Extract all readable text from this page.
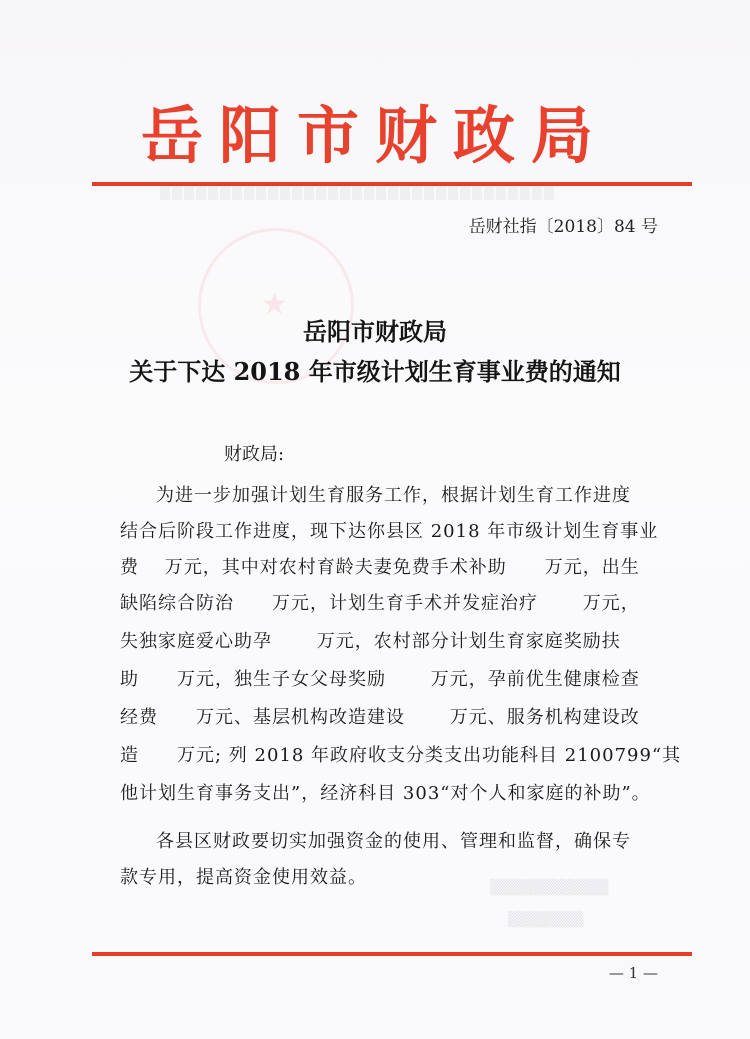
▒▒▒▒▒▒▒▒▒▒▒▒▒▒▒▒▒▒▒▒▒▒▒▒▒▒▒▒▒▒▒▒▒
岳阳市财政局
岳财社指〔2018〕84 号
★
岳阳市财政局
关于下达 2018 年市级计划生育事业费的通知
财政局:
为进一步加强计划生育服务工作，根据计划生育工作进度
结合后阶段工作进度，现下达你县区 2018 年市级计划生育事业
费　 万元，其中对农村育龄夫妻免费手术补助　　万元，出生
缺陷综合防治　　万元，计划生育手术并发症治疗　　 万元，
失独家庭爱心助孕　　 万元，农村部分计划生育家庭奖励扶
助　　万元，独生子女父母奖励　　 万元，孕前优生健康检查
经费　　万元、基层机构改造建设　　 万元、服务机构建设改
造　　万元; 列 2018 年政府收支分类支出功能科目 2100799“其
他计划生育事务支出”，经济科目 303“对个人和家庭的补助”。
各县区财政要切实加强资金的使用、管理和监督，确保专
款专用，提高资金使用效益。	▒▒▒▒▒▒▒▒▒▒▒
▒▒▒▒▒▒▒
— 1 —
